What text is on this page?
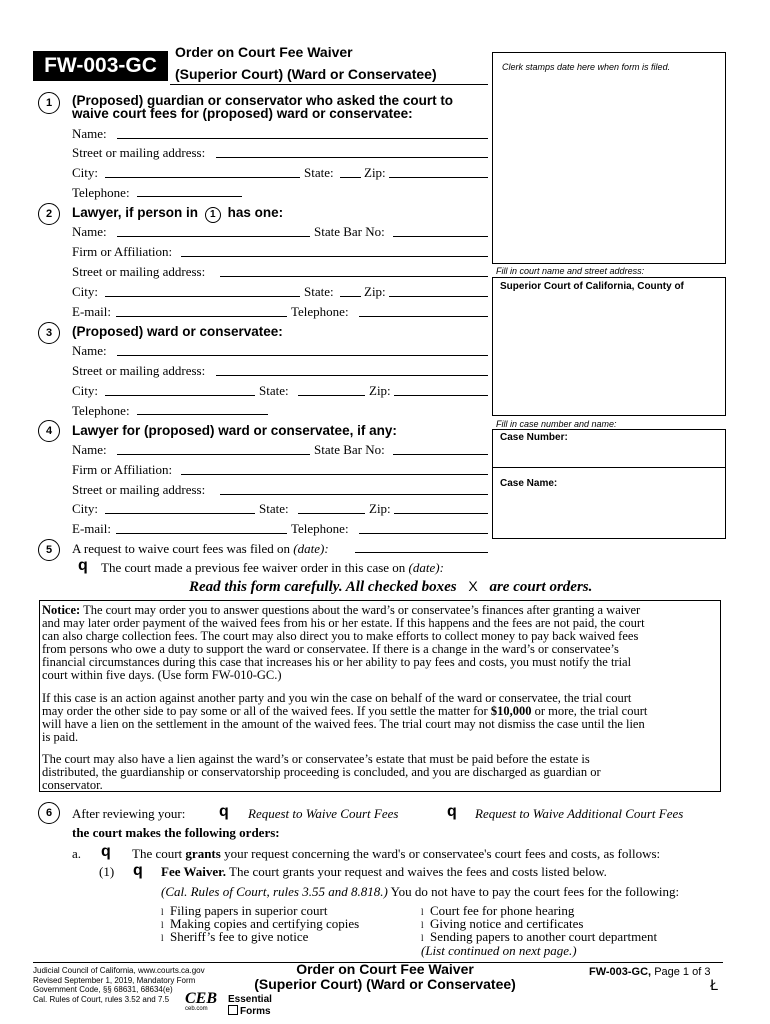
FW-003-GC
Order on Court Fee Waiver
(Superior Court) (Ward or Conservatee)	Clerk stamps date here when form is filed.
Fill in court name and street address:
Superior Court of California, County of
Fill in case number and name:
Case Number:
Case Name:
1	(Proposed) guardian or conservator who asked the court to
waive court fees for (proposed) ward or conservatee:
Name:
Street or mailing address:
City:	State: Zip:
Telephone:
2	Lawyer, if person in 1 has one:
Name:	State Bar No:
Firm or Affiliation:
Street or mailing address:
City:	State: Zip:
E-mail:	Telephone:
3	(Proposed) ward or conservatee:
Name:
Street or mailing address:
City:	State:	Zip:
Telephone:
4	Lawyer for (proposed) ward or conservatee, if any:
Name:	State Bar No:
Firm or Affiliation:
Street or mailing address:
City:	State:	Zip:
E-mail:	Telephone:
5	A request to waive court fees was filed on (date):
q The court made a previous fee waiver order in this case on (date):
Read this form carefully. All checked boxes X are court orders.
Notice: The court may order you to answer questions about the ward’s or conservatee’s finances after granting a waiver
and may later order payment of the waived fees from his or her estate. If this happens and the fees are not paid, the court
can also charge collection fees. The court may also direct you to make efforts to collect money to pay back waived fees
from persons who owe a duty to support the ward or conservatee. If there is a change in the ward’s or conservatee’s
financial circumstances during this case that increases his or her ability to pay fees and costs, you must notify the trial
court within five days. (Use form FW-010-GC.)
If this case is an action against another party and you win the case on behalf of the ward or conservatee, the trial court
may order the other side to pay some or all of the waived fees. If you settle the matter for $10,000 or more, the trial court
will have a lien on the settlement in the amount of the waived fees. The trial court may not dismiss the case until the lien
is paid.
The court may also have a lien against the ward’s or conservatee’s estate that must be paid before the estate is
distributed, the guardianship or conservatorship proceeding is concluded, and you are discharged as guardian or
conservator.
6	After reviewing your: q Request to Waive Court Fees	q Request to Waive Additional Court Fees
the court makes the following orders:
a. q The court grants your request concerning the ward's or conservatee's court fees and costs, as follows:
(1) q Fee Waiver. The court grants your request and waives the fees and costs listed below.
(Cal. Rules of Court, rules 3.55 and 8.818.) You do not have to pay the court fees for the following:
l Filing papers in superior court
l Making copies and certifying copies
l Sheriff’s fee to give notice
l Court fee for phone hearing
l Giving notice and certificates
l Sending papers to another court department
(List continued on next page.)
Judicial Council of California, www.courts.ca.gov
Revised September 1, 2019, Mandatory Form
Government Code, §§ 68631, 68634(e)
Cal. Rules of Court, rules 3.52 and 7.5 CEB
ceb.com
Essential
Forms
Order on Court Fee Waiver
(Superior Court) (Ward or Conservatee)
FW-003-GC, Page 1 of 3
Ł
